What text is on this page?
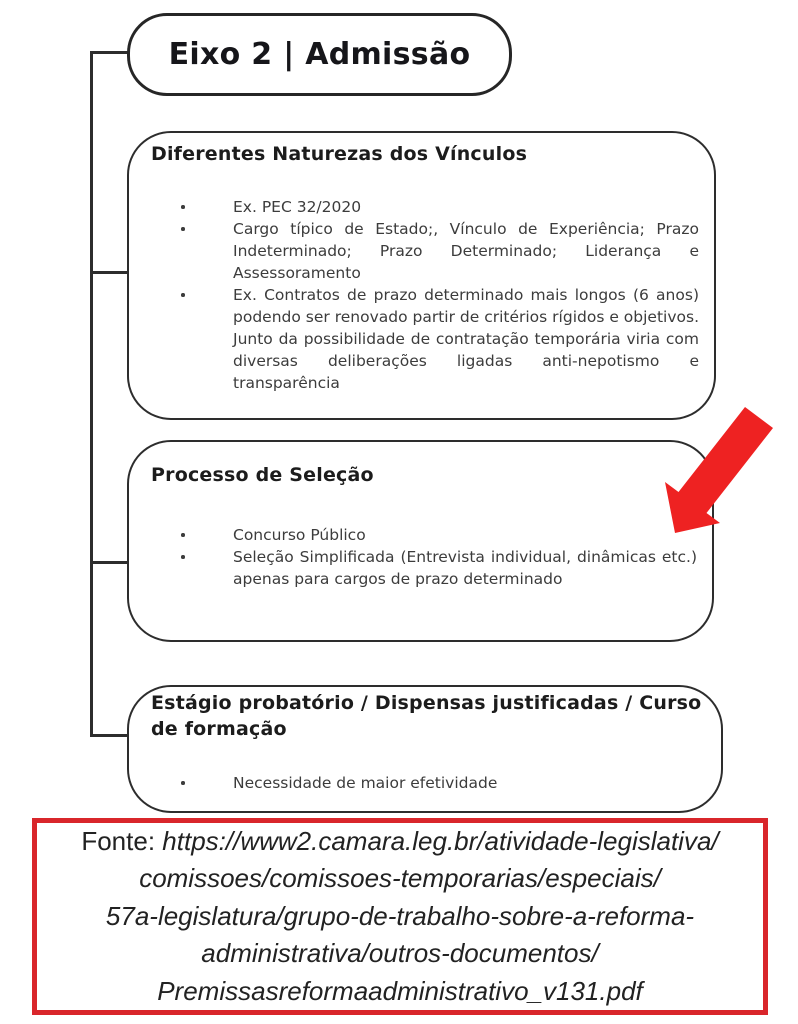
Eixo 2 | Admissão
Diferentes Naturezas dos Vínculos
Ex. PEC 32/2020
Cargo típico de Estado;, Vínculo de Experiência; Prazo Indeterminado; Prazo Determinado; Liderança e Assessoramento
Ex. Contratos de prazo determinado mais longos (6 anos) podendo ser renovado partir de critérios rígidos e objetivos. Junto da possibilidade de contratação temporária viria com diversas deliberações ligadas anti-nepotismo e transparência
Processo de Seleção
Concurso Público
Seleção Simplificada (Entrevista individual, dinâmicas etc.) apenas para cargos de prazo determinado
Estágio probatório / Dispensas justificadas / Curso de formação
Necessidade de maior efetividade
Fonte: https://www2.camara.leg.br/atividade-legislativa/
comissoes/comissoes-temporarias/especiais/
57a-legislatura/grupo-de-trabalho-sobre-a-reforma-
administrativa/outros-documentos/
Premissasreformaadministrativo_v131.pdf
